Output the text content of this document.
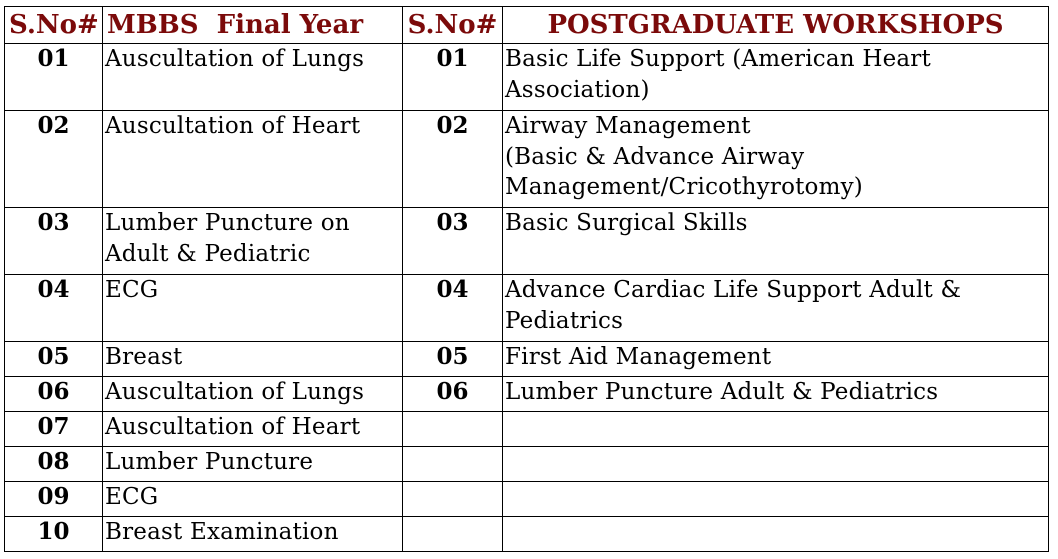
S.No#	MBBS  Final Year	S.No#	POSTGRADUATE WORKSHOPS
01	Auscultation of Lungs	01	Basic Life Support (American Heart
Association)

02	Auscultation of Heart	02	Airway Management
(Basic & Advance Airway
Management/Cricothyrotomy)

03	Lumber Puncture on
Adult & Pediatric	03	Basic Surgical Skills

04	ECG	04	Advance Cardiac Life Support Adult &
Pediatrics

05	Breast	05	First Aid Management

06	Auscultation of Lungs	06	Lumber Puncture Adult & Pediatrics

07	Auscultation of Heart		

08	Lumber Puncture		

09	ECG		

10	Breast Examination		
